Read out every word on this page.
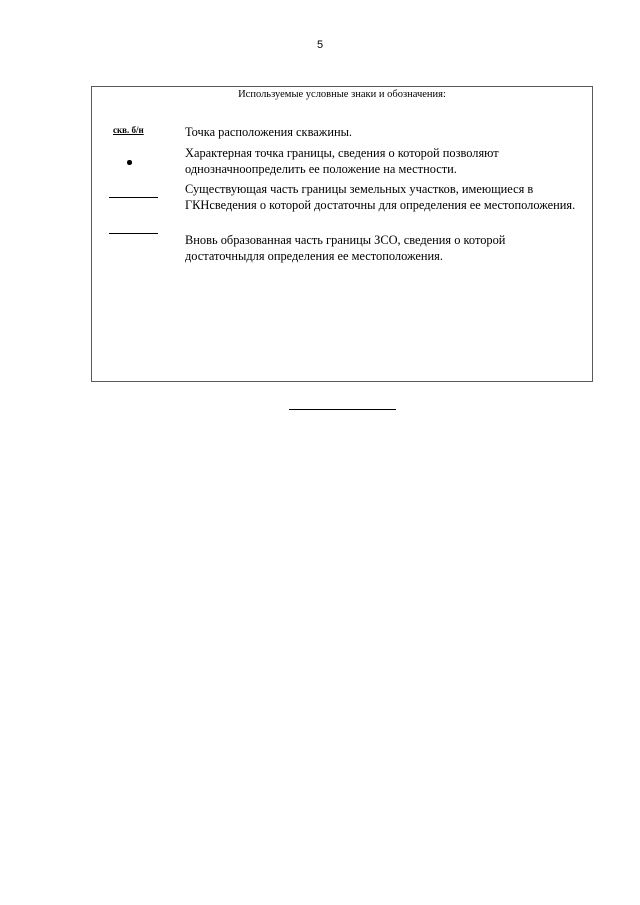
5
Используемые условные знаки и обозначения:
скв. б/н	Точка расположения скважины.
Характерная точка границы, сведения о которой позволяют однозначноопределить ее положение на местности.
Существующая часть границы земельных участков, имеющиеся в ГКНсведения о которой достаточны для определения ее местоположения.
Вновь образованная часть границы ЗСО, сведения о которой достаточныдля определения ее местоположения.
